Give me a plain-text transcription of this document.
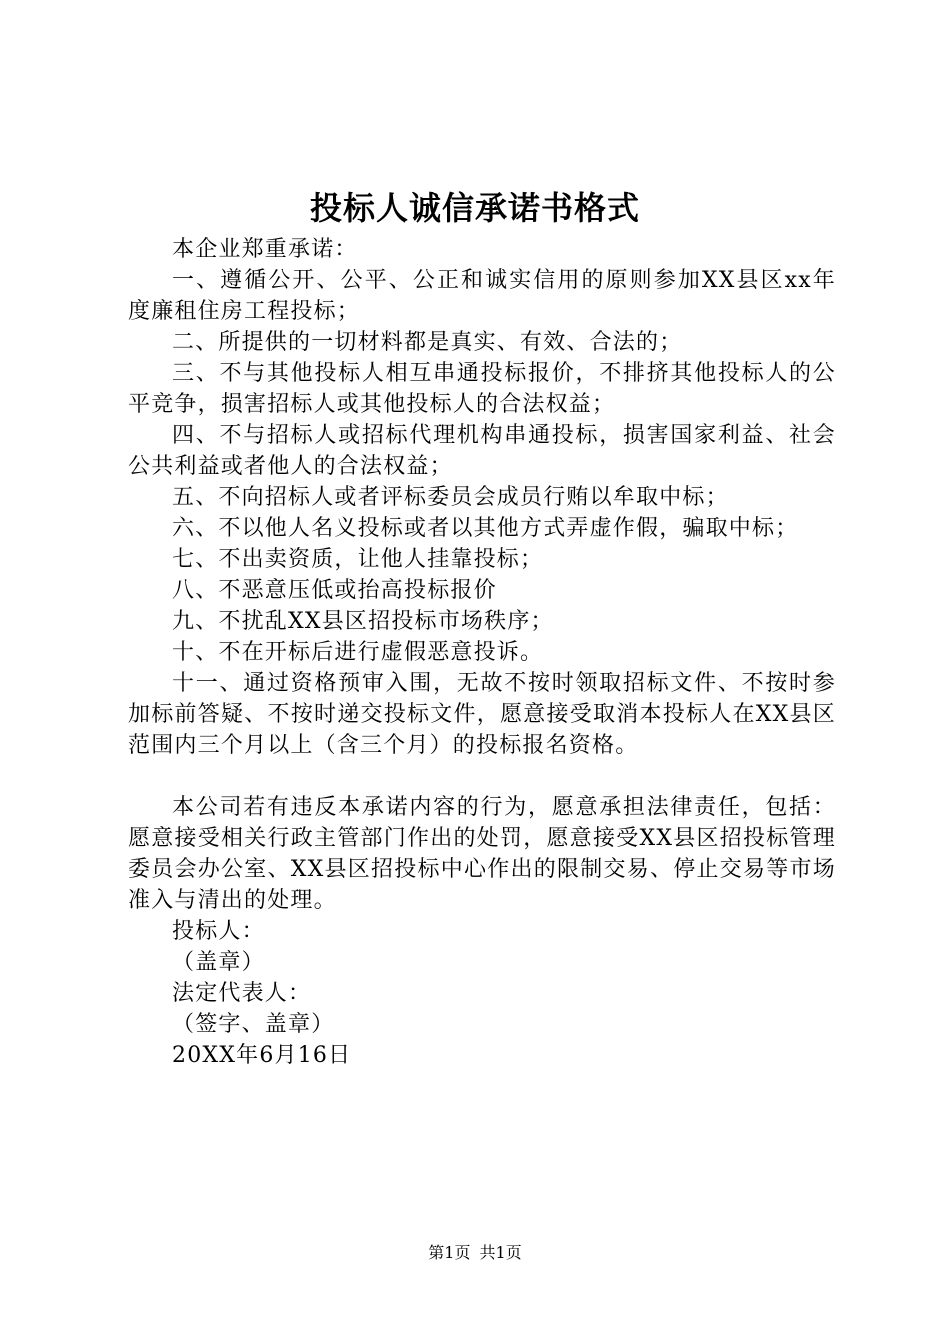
投标人诚信承诺书格式

本企业郑重承诺：

一、遵循公开、公平、公正和诚实信用的原则参加XX县区xx年度廉租住房工程投标；

二、所提供的一切材料都是真实、有效、合法的；

三、不与其他投标人相互串通投标报价，不排挤其他投标人的公平竞争，损害招标人或其他投标人的合法权益；

四、不与招标人或招标代理机构串通投标，损害国家利益、社会公共利益或者他人的合法权益；

五、不向招标人或者评标委员会成员行贿以牟取中标；

六、不以他人名义投标或者以其他方式弄虚作假，骗取中标；

七、不出卖资质，让他人挂靠投标；

八、不恶意压低或抬高投标报价

九、不扰乱XX县区招投标市场秩序；

十、不在开标后进行虚假恶意投诉。

十一、通过资格预审入围，无故不按时领取招标文件、不按时参加标前答疑、不按时递交投标文件，愿意接受取消本投标人在XX县区范围内三个月以上（含三个月）的投标报名资格。

本公司若有违反本承诺内容的行为，愿意承担法律责任，包括：愿意接受相关行政主管部门作出的处罚，愿意接受XX县区招投标管理委员会办公室、XX县区招投标中心作出的限制交易、停止交易等市场准入与清出的处理。

投标人：

（盖章）

法定代表人：

（签字、盖章）

20XX年6月16日

第1页 共1页
